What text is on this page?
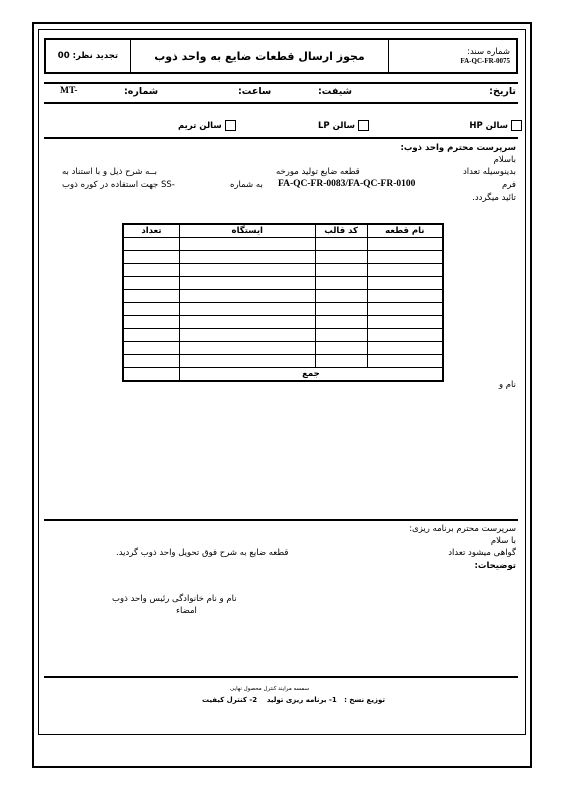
تجدید نظر: 00	مجوز ارسال قطعات ضایع به واحد ذوب	شماره سند:
FA-QC-FR-0075
تاریخ:
شیفت:
ساعت:
شماره:
MT-
سالن HP
سالن LP
سالن تریم
سرپرست محترم واحد ذوب:
باسلام
بدینوسیله تعداد
قطعه ضایع تولید مورخه
بــه شرح ذیل و با استناد به
فرم
FA-QC-FR-0083/FA-QC-FR-0100
به شماره
-SS جهت استفاده در کوره ذوب
تائید میگردد.
نام قطعه	کد قالب	ایستگاه	تعداد

جمع			
نام و
سرپرست محترم برنامه ریزی:
با سلام
گواهی میشود تعداد
قطعه ضایع به شرح فوق تحویل واحد ذوب گردید.
توضیحات:
نام و نام خانوادگی رئیس واحد ذوب
امضاء
سمسه مرایند کنترل محصول نهایی
توزیع نسخ :   1- برنامه ریزی تولید    2- کنترل کیفیت
